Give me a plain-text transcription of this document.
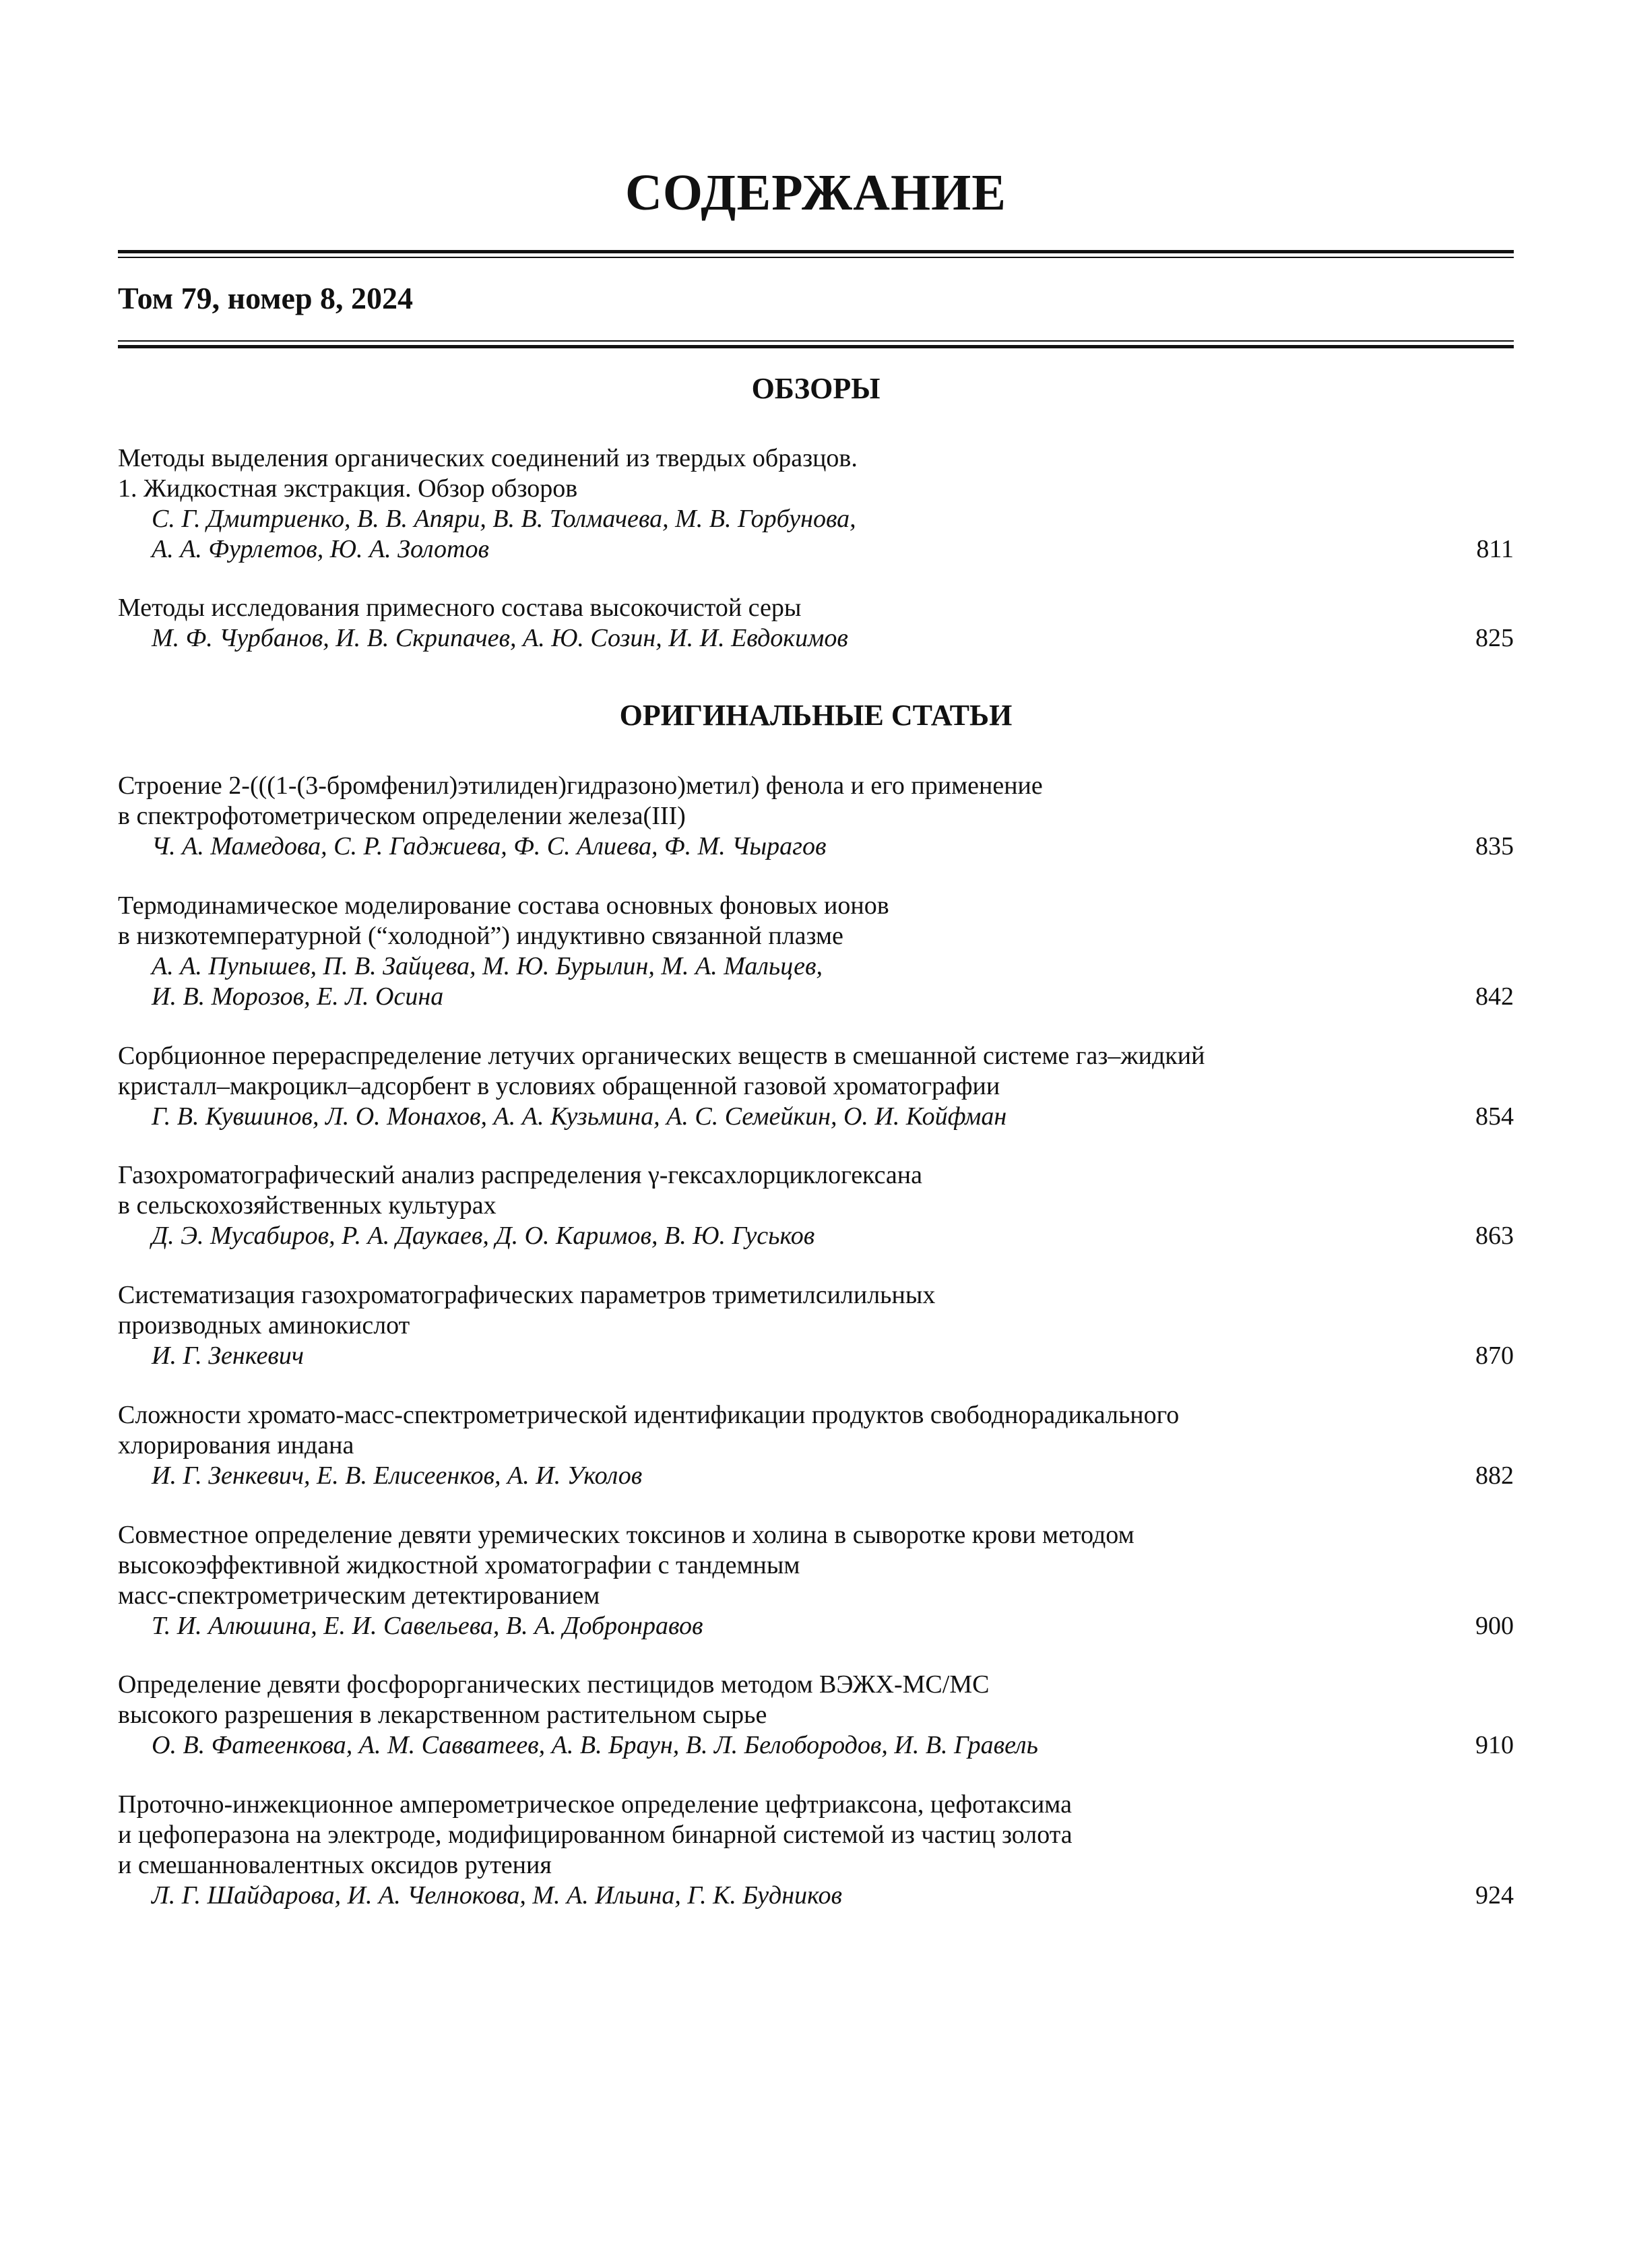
СОДЕРЖАНИЕ
Том 79, номер 8, 2024
ОБЗОРЫ
Методы выделения органических соединений из твердых образцов.
1. Жидкостная экстракция. Обзор обзоров
С. Г. Дмитриенко, В. В. Апяри, В. В. Толмачева, М. В. Горбунова,
А. А. Фурлетов, Ю. А. Золотов	811
Методы исследования примесного состава высокочистой серы
М. Ф. Чурбанов, И. В. Скрипачев, А. Ю. Созин, И. И. Евдокимов	825
ОРИГИНАЛЬНЫЕ СТАТЬИ
Строение 2-(((1-(3-бромфенил)этилиден)гидразоно)метил) фенола и его применение
в спектрофотометрическом определении железа(III)
Ч. А. Мамедова, С. Р. Гаджиева, Ф. С. Алиева, Ф. М. Чырагов	835
Термодинамическое моделирование состава основных фоновых ионов
в низкотемпературной (“холодной”) индуктивно связанной плазме
А. А. Пупышев, П. В. Зайцева, М. Ю. Бурылин, М. А. Мальцев,
И. В. Морозов, Е. Л. Осина	842
Сорбционное перераспределение летучих органических веществ в смешанной системе газ–жидкий
кристалл–макроцикл–адсорбент в условиях обращенной газовой хроматографии
Г. В. Кувшинов, Л. О. Монахов, А. А. Кузьмина, А. С. Семейкин, О. И. Койфман	854
Газохроматографический анализ распределения γ-гексахлорциклогексана
в сельскохозяйственных культурах
Д. Э. Мусабиров, Р. А. Даукаев, Д. О. Каримов, В. Ю. Гуськов	863
Систематизация газохроматографических параметров триметилсилильных
производных аминокислот
И. Г. Зенкевич	870
Сложности хромато-масс-спектрометрической идентификации продуктов свободнорадикального
хлорирования индана
И. Г. Зенкевич, Е. В. Елисеенков, А. И. Уколов	882
Совместное определение девяти уремических токсинов и холина в сыворотке крови методом
высокоэффективной жидкостной хроматографии с тандемным
масс-спектрометрическим детектированием
Т. И. Алюшина, Е. И. Савельева, В. А. Добронравов	900
Определение девяти фосфорорганических пестицидов методом ВЭЖХ-МС/МС
высокого разрешения в лекарственном растительном сырье
О. В. Фатеенкова, А. М. Савватеев, А. В. Браун, В. Л. Белобородов, И. В. Гравель	910
Проточно-инжекционное амперометрическое определение цефтриаксона, цефотаксима
и цефоперазона на электроде, модифицированном бинарной системой из частиц золота
и смешанновалентных оксидов рутения
Л. Г. Шайдарова, И. А. Челнокова, М. А. Ильина, Г. К. Будников	924
